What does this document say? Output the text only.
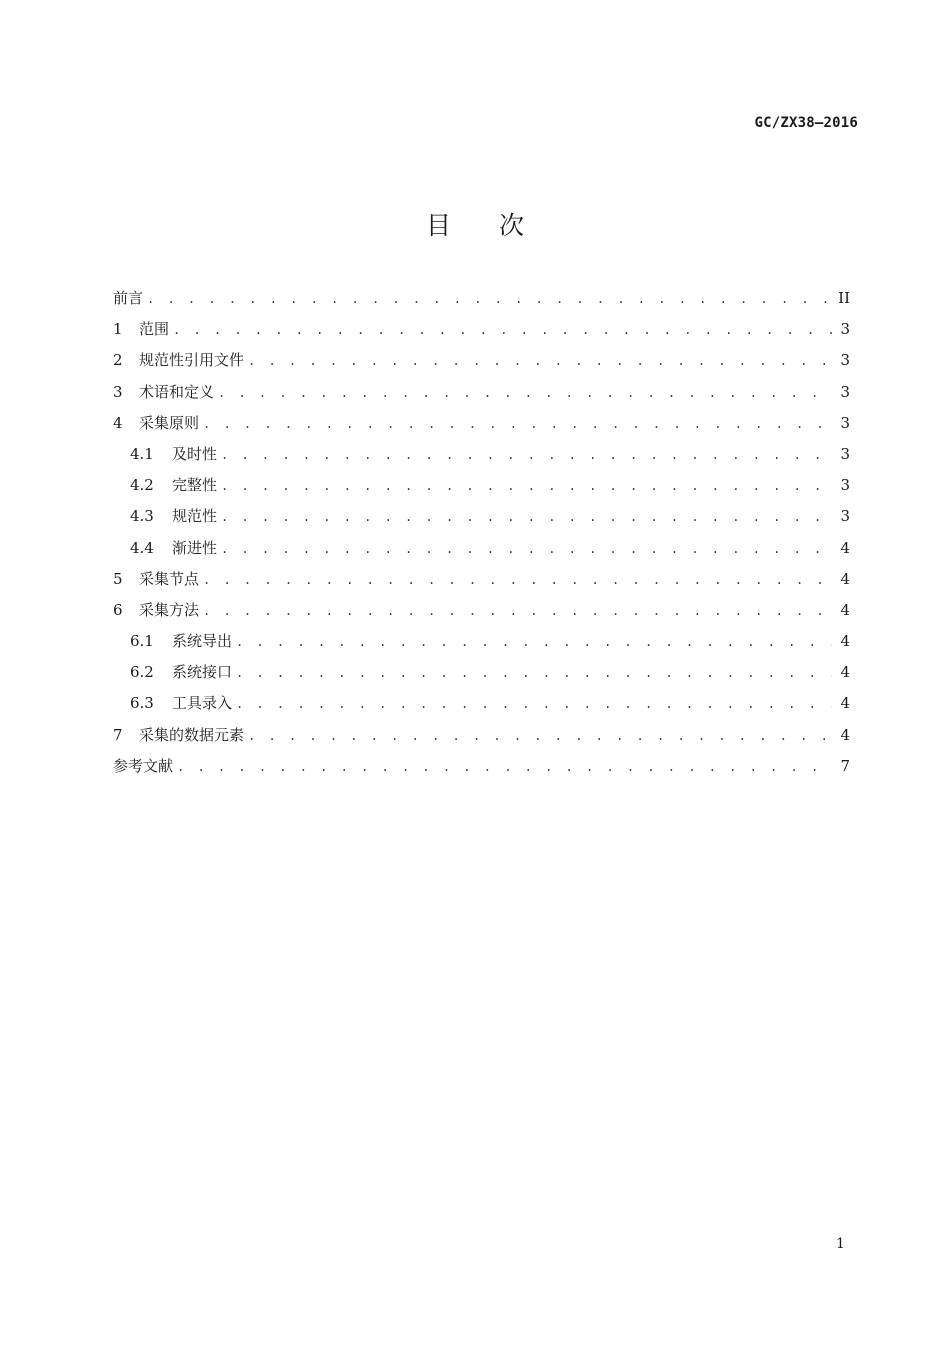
GC/ZX38—2016
目 次
前言 . . .	II
1	范围 . . .	3
2	规范性引用文件 . . .	3
3	术语和定义 . . .	3
4	采集原则 . . .	3
4.1	及时性 . . .	3
4.2	完整性 . . .	3
4.3	规范性 . . .	3
4.4	渐进性 . . .	4
5	采集节点 . . .	4
6	采集方法 . . .	4
6.1	系统导出 . . .	4
6.2	系统接口 . . .	4
6.3	工具录入 . . .	4
7	采集的数据元素 . . .	4
参考文献 . . .	7
1
